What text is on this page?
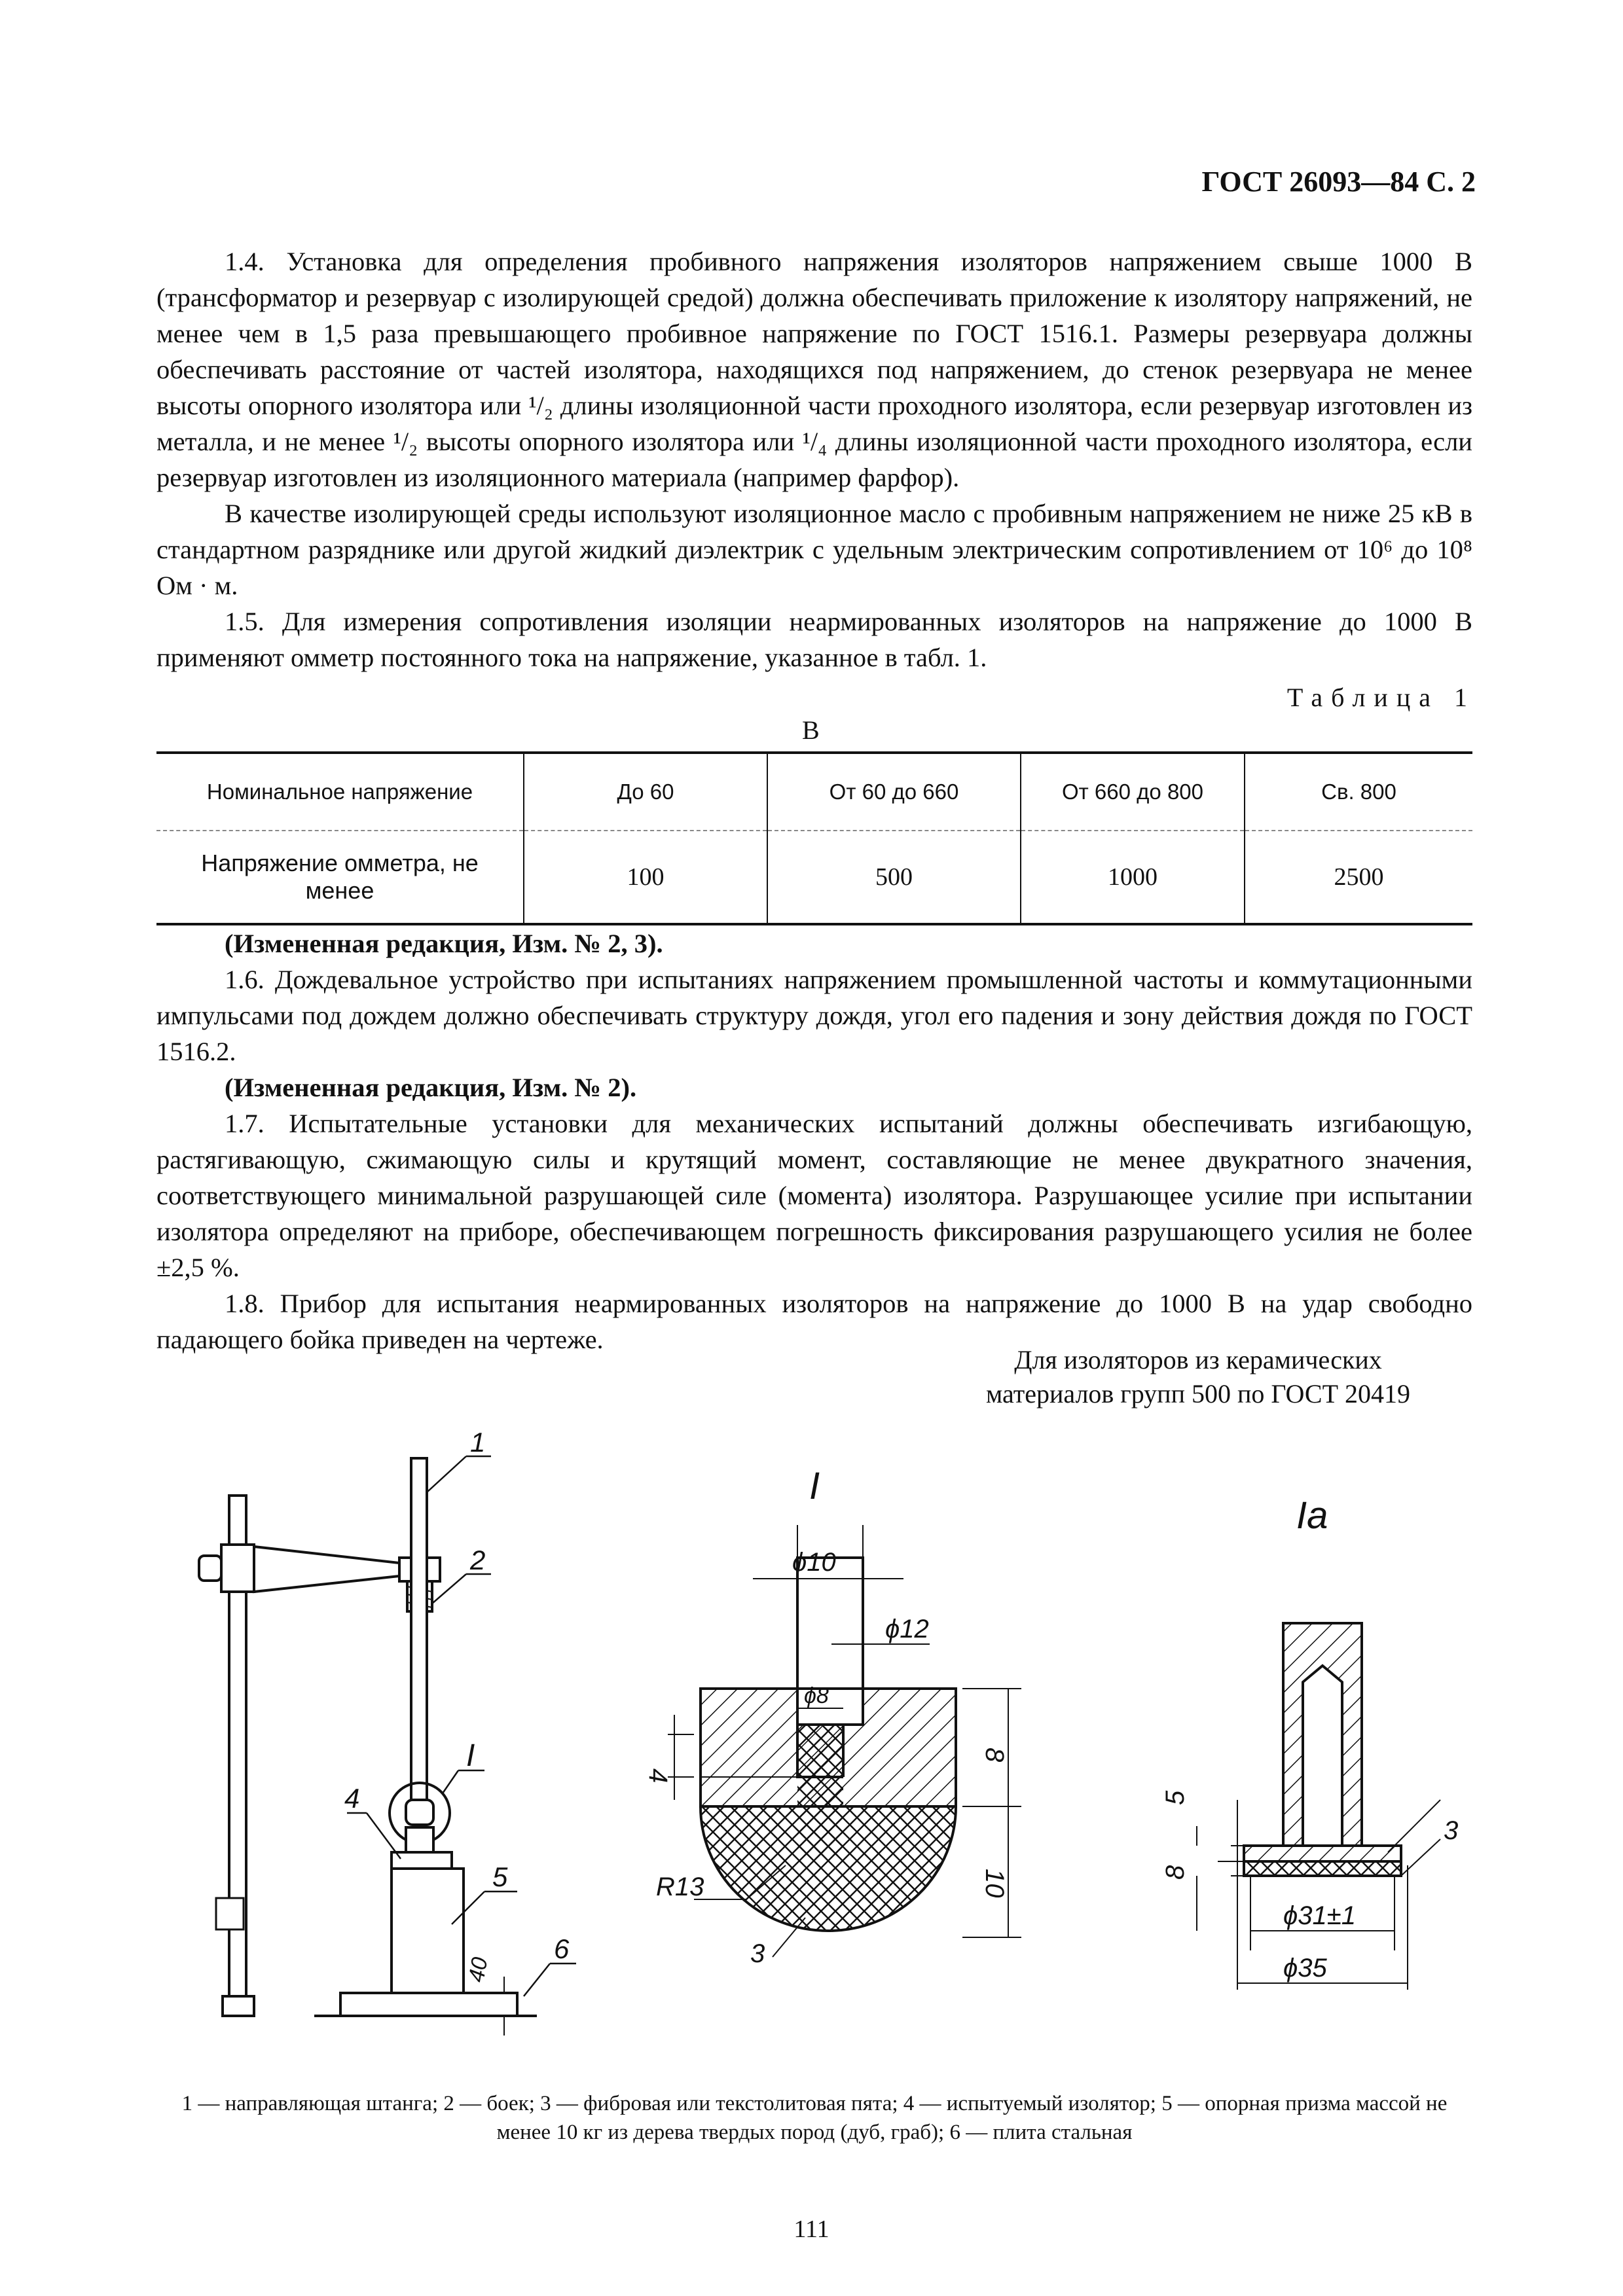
ГОСТ 26093—84 С. 2

1.4. Установка для определения пробивного напряжения изоляторов напряжением свыше 1000 В (трансформатор и резервуар с изолирующей средой) должна обеспечивать приложение к изолятору напряжений, не менее чем в 1,5 раза превышающего пробивное напряжение по ГОСТ 1516.1. Размеры резервуара должны обеспечивать расстояние от частей изолятора, находящихся под напряжением, до стенок резервуара не менее высоты опорного изолятора или ¹/₂ длины изоляционной части проходного изолятора, если резервуар изготовлен из металла, и не менее ¹/₂ высоты опорного изолятора или ¹/₄ длины изоляционной части проходного изолятора, если резервуар изготовлен из изоляционного материала (например фарфор).

В качестве изолирующей среды используют изоляционное масло с пробивным напряжением не ниже 25 кВ в стандартном разряднике или другой жидкий диэлектрик с удельным электрическим сопротивлением от 10⁶ до 10⁸ Ом · м.

1.5. Для измерения сопротивления изоляции неармированных изоляторов на напряжение до 1000 В применяют омметр постоянного тока на напряжение, указанное в табл. 1.

Таблица 1
В
Номинальное напряжение	До 60	От 60 до 660	От 660 до 800	Св. 800
Напряжение омметра, не менее	100	500	1000	2500

(Измененная редакция, Изм. № 2, 3).

1.6. Дождевальное устройство при испытаниях напряжением промышленной частоты и коммутационными импульсами под дождем должно обеспечивать структуру дождя, угол его падения и зону действия дождя по ГОСТ 1516.2.

(Измененная редакция, Изм. № 2).

1.7. Испытательные установки для механических испытаний должны обеспечивать изгибающую, растягивающую, сжимающую силы и крутящий момент, составляющие не менее двукратного значения, соответствующего минимальной разрушающей силе (момента) изолятора. Разрушающее усилие при испытании изолятора определяют на приборе, обеспечивающем погрешность фиксирования разрушающего усилия не более ±2,5 %.

1.8. Прибор для испытания неармированных изоляторов на напряжение до 1000 В на удар свободно падающего бойка приведен на чертеже.

Для изоляторов из керамических материалов групп 500 по ГОСТ 20419
1
2
I
4
5
6
40
I
ϕ10
ϕ12
ϕ8
8
4
10
R13
3
Ia
5
8
ϕ31±1
ϕ35
3
1 — направляющая штанга; 2 — боек; 3 — фибровая или текстолитовая пята; 4 — испытуемый изолятор; 5 — опорная призма массой не менее 10 кг из дерева твердых пород (дуб, граб); 6 — плита стальная
111
